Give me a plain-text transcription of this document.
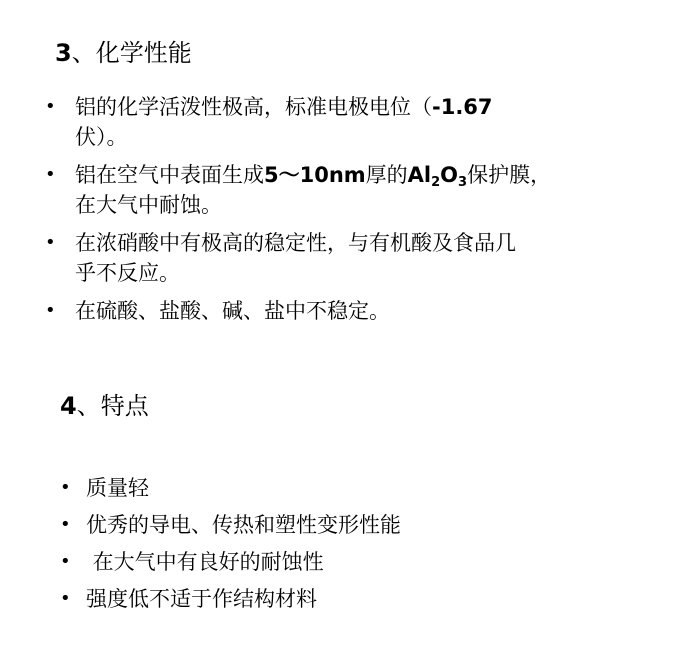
3、化学性能
• 铝的化学活泼性极高，标准电极电位（-1.67
伏）。
• 铝在空气中表面生成5～10nm厚的$Al_2O_3$保护膜，
在大气中耐蚀。
• 在浓硝酸中有极高的稳定性，与有机酸及食品几
乎不反应。
• 在硫酸、盐酸、碱、盐中不稳定。
4、特点
• 质量轻
• 优秀的导电、传热和塑性变形性能
• 在大气中有良好的耐蚀性
• 强度低不适于作结构材料
